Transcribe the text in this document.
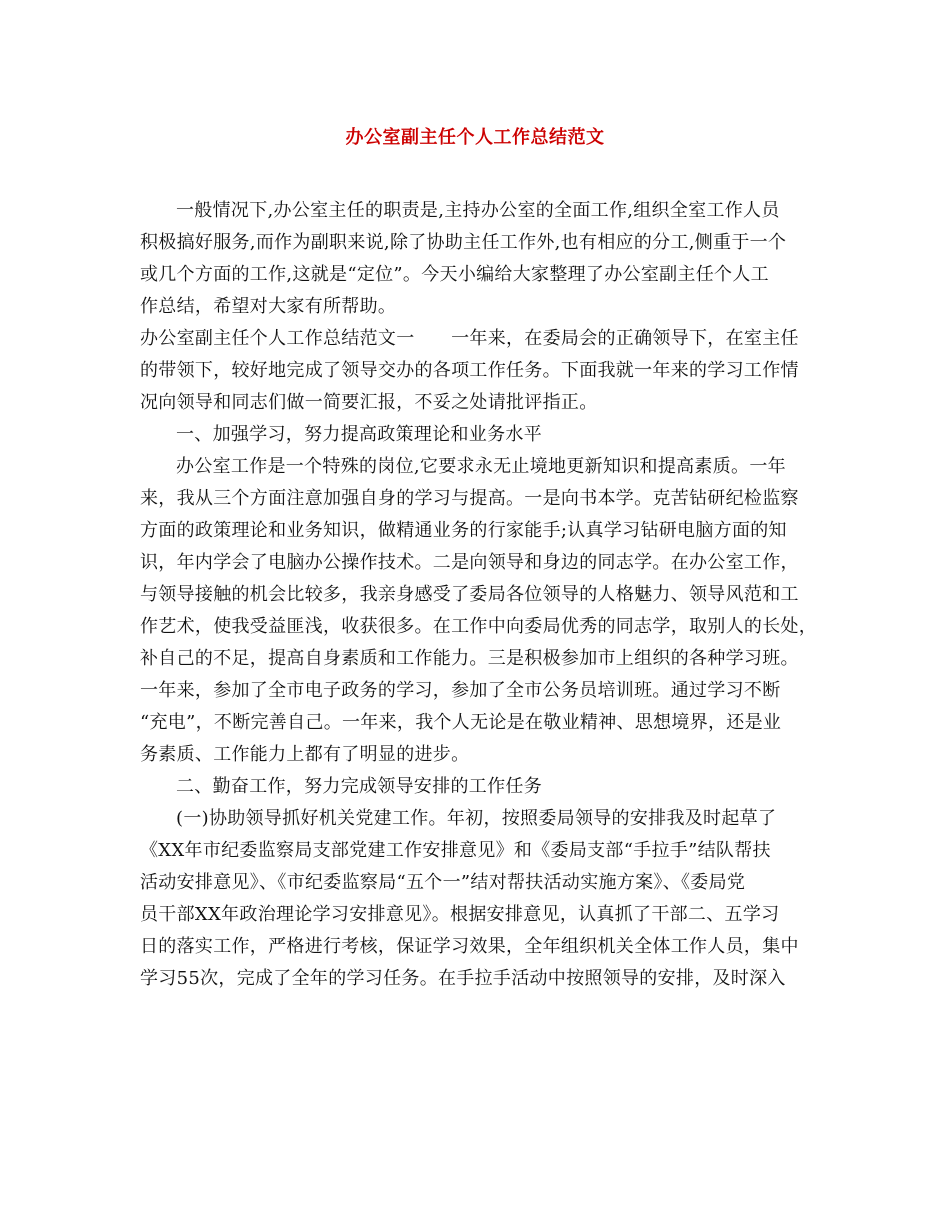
办公室副主任个人工作总结范文
一般情况下,办公室主任的职责是,主持办公室的全面工作,组织全室工作人员
积极搞好服务,而作为副职来说,除了协助主任工作外,也有相应的分工,侧重于一个
或几个方面的工作,这就是“定位”。今天小编给大家整理了办公室副主任个人工
作总结，希望对大家有所帮助。
办公室副主任个人工作总结范文一　　一年来，在委局会的正确领导下，在室主任
的带领下，较好地完成了领导交办的各项工作任务。下面我就一年来的学习工作情
况向领导和同志们做一简要汇报，不妥之处请批评指正。
一、加强学习，努力提高政策理论和业务水平
办公室工作是一个特殊的岗位,它要求永无止境地更新知识和提高素质。一年
来，我从三个方面注意加强自身的学习与提高。一是向书本学。克苦钻研纪检监察
方面的政策理论和业务知识，做精通业务的行家能手;认真学习钻研电脑方面的知
识，年内学会了电脑办公操作技术。二是向领导和身边的同志学。在办公室工作，
与领导接触的机会比较多，我亲身感受了委局各位领导的人格魅力、领导风范和工
作艺术，使我受益匪浅，收获很多。在工作中向委局优秀的同志学，取别人的长处，
补自己的不足，提高自身素质和工作能力。三是积极参加市上组织的各种学习班。
一年来，参加了全市电子政务的学习，参加了全市公务员培训班。通过学习不断
“充电”，不断完善自己。一年来，我个人无论是在敬业精神、思想境界，还是业
务素质、工作能力上都有了明显的进步。
二、勤奋工作，努力完成领导安排的工作任务
(一)协助领导抓好机关党建工作。年初，按照委局领导的安排我及时起草了
《XX年市纪委监察局支部党建工作安排意见》和《委局支部“手拉手”结队帮扶
活动安排意见》、《市纪委监察局“五个一”结对帮扶活动实施方案》、《委局党
员干部XX年政治理论学习安排意见》。根据安排意见，认真抓了干部二、五学习
日的落实工作，严格进行考核，保证学习效果，全年组织机关全体工作人员，集中
学习55次，完成了全年的学习任务。在手拉手活动中按照领导的安排，及时深入
